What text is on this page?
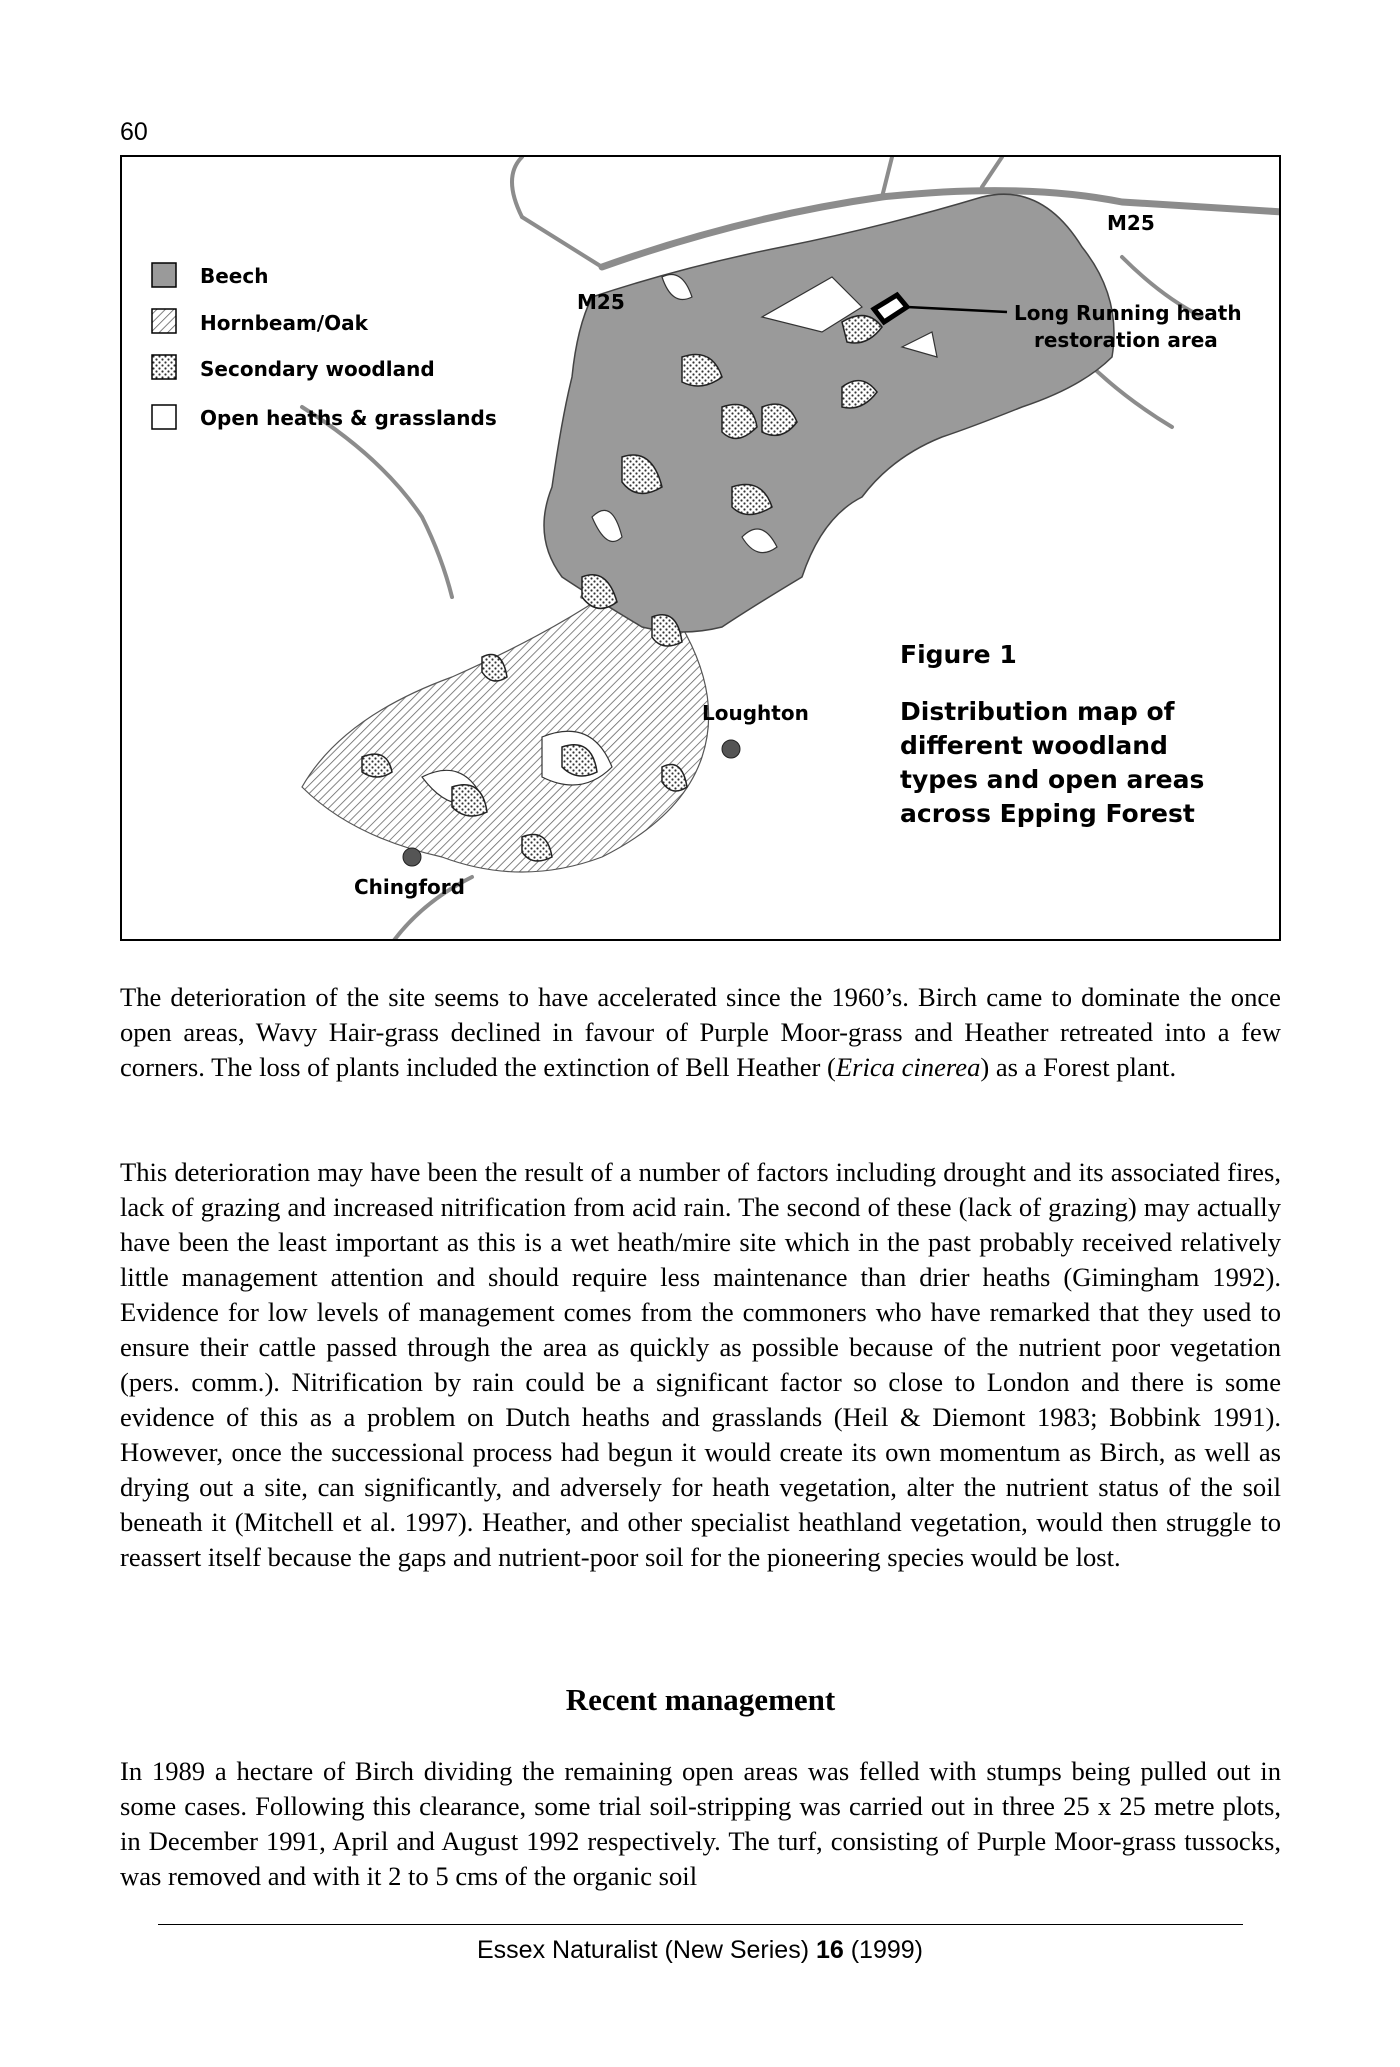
60
Beech
Hornbeam/Oak
Secondary woodland
Open heaths & grasslands
M25
M25	Long Running heath
restoration area
Loughton
Chingford
Figure 1
Distribution map of
different woodland
types and open areas
across Epping Forest

The deterioration of the site seems to have accelerated since the 1960’s. Birch came to dominate the once open areas, Wavy Hair-grass declined in favour of Purple Moor-grass and Heather retreated into a few corners. The loss of plants included the extinction of Bell Heather (Erica cinerea) as a Forest plant.

This deterioration may have been the result of a number of factors including drought and its associated fires, lack of grazing and increased nitrification from acid rain. The second of these (lack of grazing) may actually have been the least important as this is a wet heath/mire site which in the past probably received relatively little management attention and should require less maintenance than drier heaths (Gimingham 1992). Evidence for low levels of management comes from the commoners who have remarked that they used to ensure their cattle passed through the area as quickly as possible because of the nutrient poor vegetation (pers. comm.). Nitrification by rain could be a significant factor so close to London and there is some evidence of this as a problem on Dutch heaths and grasslands (Heil & Diemont 1983; Bobbink 1991). However, once the successional process had begun it would create its own momentum as Birch, as well as drying out a site, can significantly, and adversely for heath vegetation, alter the nutrient status of the soil beneath it (Mitchell et al. 1997). Heather, and other specialist heathland vegetation, would then struggle to reassert itself because the gaps and nutrient-poor soil for the pioneering species would be lost.

Recent management

In 1989 a hectare of Birch dividing the remaining open areas was felled with stumps being pulled out in some cases. Following this clearance, some trial soil-stripping was carried out in three 25 x 25 metre plots, in December 1991, April and August 1992 respectively. The turf, consisting of Purple Moor-grass tussocks, was removed and with it 2 to 5 cms of the organic soil

Essex Naturalist (New Series) 16 (1999)
